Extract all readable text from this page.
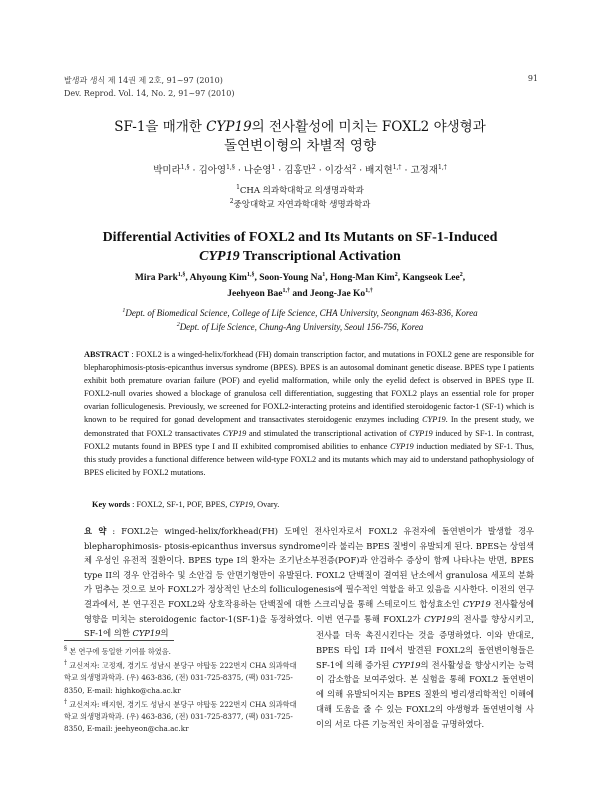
발생과 생식 제 14권 제 2호, 91~97 (2010)
Dev. Reprod. Vol. 14, No. 2, 91~97 (2010)
91
SF-1을 매개한 CYP19의 전사활성에 미치는 FOXL2 야생형과
돌연변이형의 차별적 영향
박미라$^{1,\S}$ · 김아영$^{1,\S}$ · 나순영$^1$ · 김홍만$^2$ · 이강석$^2$ · 배지현$^{1,\dagger}$ · 고정재$^{1,\dagger}$
$^1$CHA 의과학대학교 의생명과학과
$^2$중앙대학교 자연과학대학 생명과학과
Differential Activities of FOXL2 and Its Mutants on SF-1-Induced
CYP19 Transcriptional Activation
Mira Park$^{1,\S}$, Ahyoung Kim$^{1,\S}$, Soon-Young Na$^1$, Hong-Man Kim$^2$, Kangseok Lee$^2$,
Jeehyeon Bae$^{1,\dagger}$ and Jeong-Jae $Ko^{1,\dagger}$
$^1$Dept. of Biomedical Science, College of Life Science, CHA University, Seongnam 463-836, Korea
$^2$Dept. of Life Science, Chung-Ang University, Seoul 156-756, Korea
ABSTRACT : FOXL2 is a winged-helix/forkhead (FH) domain transcription factor, and mutations in FOXL2 gene are responsible for blepharophimosis-ptosis-epicanthus inversus syndrome (BPES). BPES is an autosomal dominant genetic disease. BPES type I patients exhibit both premature ovarian failure (POF) and eyelid malformation, while only the eyelid defect is observed in BPES type II. FOXL2-null ovaries showed a blockage of granulosa cell differentiation, suggesting that FOXL2 plays an essential role for proper ovarian folliculogenesis. Previously, we screened for FOXL2-interacting proteins and identified steroidogenic factor-1 (SF-1) which is known to be required for gonad development and transactivates steroidogenic enzymes including CYP19. In the present study, we demonstrated that FOXL2 transactivates CYP19 and stimulated the transcriptional activation of CYP19 induced by SF-1. In contrast, FOXL2 mutants found in BPES type I and II exhibited compromised abilities to enhance CYP19 induction mediated by SF-1. Thus, this study provides a functional difference between wild-type FOXL2 and its mutants which may aid to understand pathophysiology of BPES elicited by FOXL2 mutations.
Key words : FOXL2, SF-1, POF, BPES, CYP19, Ovary.
요 약 : FOXL2는 winged-helix/forkhead(FH) 도메인 전사인자로서 FOXL2 유전자에 돌연변이가 발생할 경우 blepharophimosis- ptosis-epicanthus inversus syndrome이라 불리는 BPES 질병이 유발되게 된다. BPES는 상염색체 우성인 유전적 질환이다. BPES type I의 환자는 조기난소부전증(POF)과 안검하수 증상이 함께 나타나는 반면, BPES type II의 경우 안검하수 및 소안검 등 안면기형만이 유발된다. FOXL2 단백질이 결여된 난소에서 granulosa 세포의 분화가 멈추는 것으로 보아 FOXL2가 정상적인 난소의 folliculogenesis에 필수적인 역할을 하고 있음을 시사한다. 이전의 연구 결과에서, 본 연구진은 FOXL2와 상호작용하는 단백질에 대한 스크리닝을 통해 스테로이드 합성효소인 CYP19 전사활성에 영향을 미치는 steroidogenic factor-1(SF-1)을 동정하였다. 이번 연구를 통해 FOXL2가 CYP19의 전사를 향상시키고, SF-1에 의한 CYP19의	전사를 더욱 촉진시킨다는 것을 증명하였다. 이와 반대로, BPES 타입 I과 II에서 발견된 FOXL2의 돌연변이형들은 SF-1에 의해 증가된 CYP19의 전사활성을 향상시키는 능력이 감소함을 보여주었다. 본 실험을 통해 FOXL2 돌연변이에 의해 유발되어지는 BPES 질환의 병리생리학적인 이해에 대해 도움을 줄 수 있는 FOXL2의 야생형과 돌연변이형 사이의 서로 다른 기능적인 차이점을 규명하였다.
§ 본 연구에 동일한 기여를 하였음.
† 교신저자: 고정재, 경기도 성남시 분당구 야탑동 222번지 CHA 의과학대학교 의생명과학과. (우) 463-836, (전) 031-725-8375, (팩) 031-725-8350, E-mail: highko@cha.ac.kr
† 교신저자: 배지현, 경기도 성남시 분당구 야탑동 222번지 CHA 의과학대학교 의생명과학과. (우) 463-836, (전) 031-725-8377, (팩) 031-725-8350, E-mail: jeehyeon@cha.ac.kr
